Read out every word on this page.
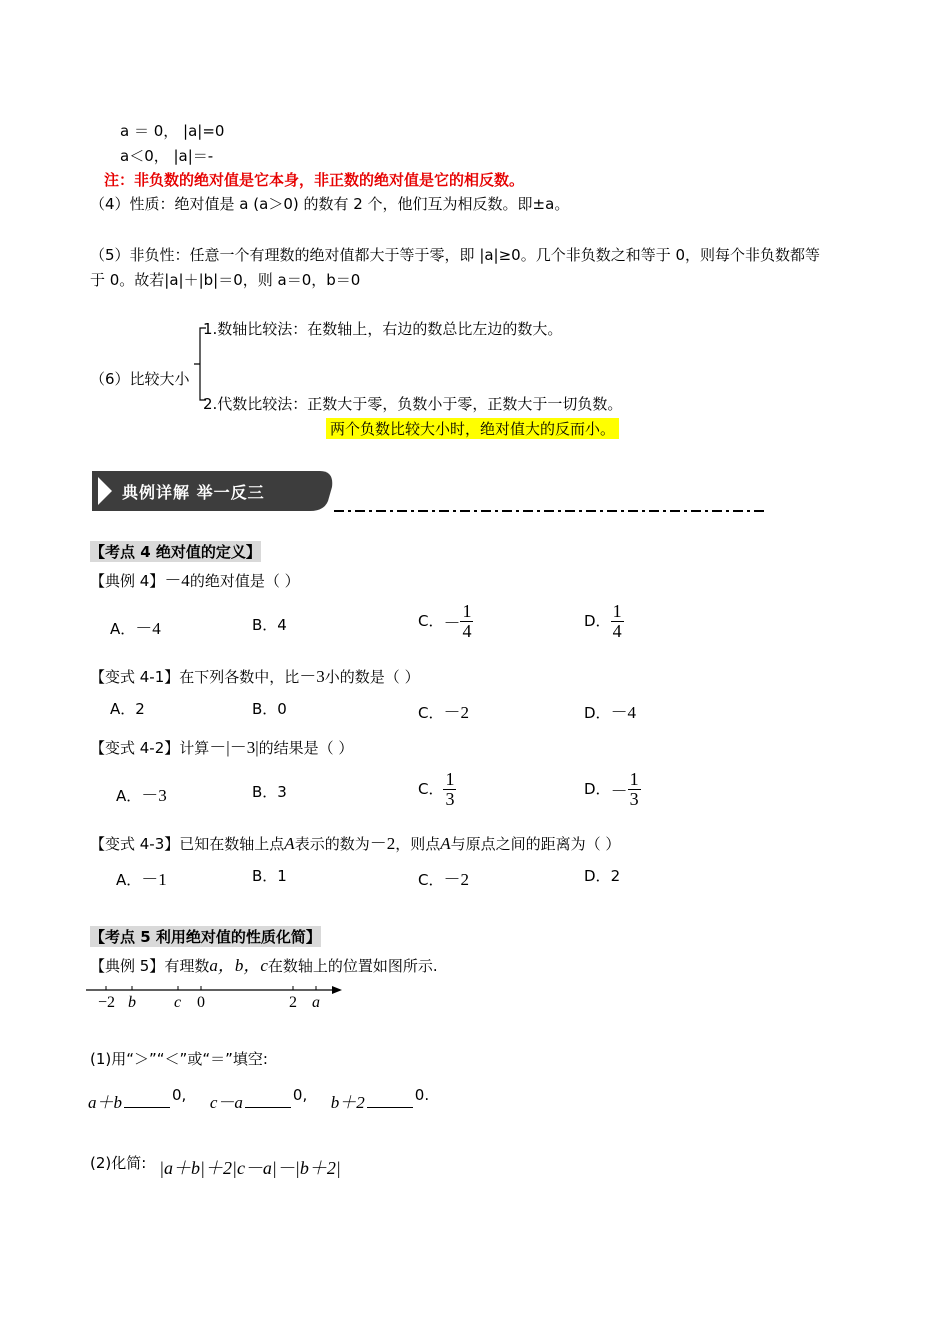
a ＝ 0， |a|=0
a＜0， |a|＝-
注：非负数的绝对值是它本身，非正数的绝对值是它的相反数。
（4）性质：绝对值是 a (a＞0) 的数有 2 个，他们互为相反数。即±a。
（5）非负性：任意一个有理数的绝对值都大于等于零，即 |a|≥0。几个非负数之和等于 0，则每个非负数都等
于 0。故若|a|＋|b|＝0，则 a＝0，b＝0
（6）比较大小
1.数轴比较法：在数轴上，右边的数总比左边的数大。
2.代数比较法：正数大于零，负数小于零，正数大于一切负数。
两个负数比较大小时，绝对值大的反而小。
典例详解 举一反三
【考点 4 绝对值的定义】
【典例 4】－4的绝对值是（ ）
A．－4	B．4	C．－ $\frac{1}{4}$	D． $\frac{1}{4}$
【变式 4-1】在下列各数中，比－3小的数是（ ）
A．2	B．0	C．－2	D．－4
【变式 4-2】计算－|－3|的结果是（ ）
A．－3	B．3	C． $\frac{1}{3}$	D．－ $\frac{1}{3}$
【变式 4-3】已知在数轴上点A表示的数为－2，则点A与原点之间的距离为（ ）
A．－1	B．1	C．－2	D．2
【考点 5 利用绝对值的性质化简】
【典例 5】有理数a，b，c在数轴上的位置如图所示.
−2 b c 0	2 a
(1)用“＞”“＜”或“＝”填空:
a＋b	0, c－a	0, b＋2	0.
(2)化简: |a＋b|＋2|c－a|－|b＋2|
